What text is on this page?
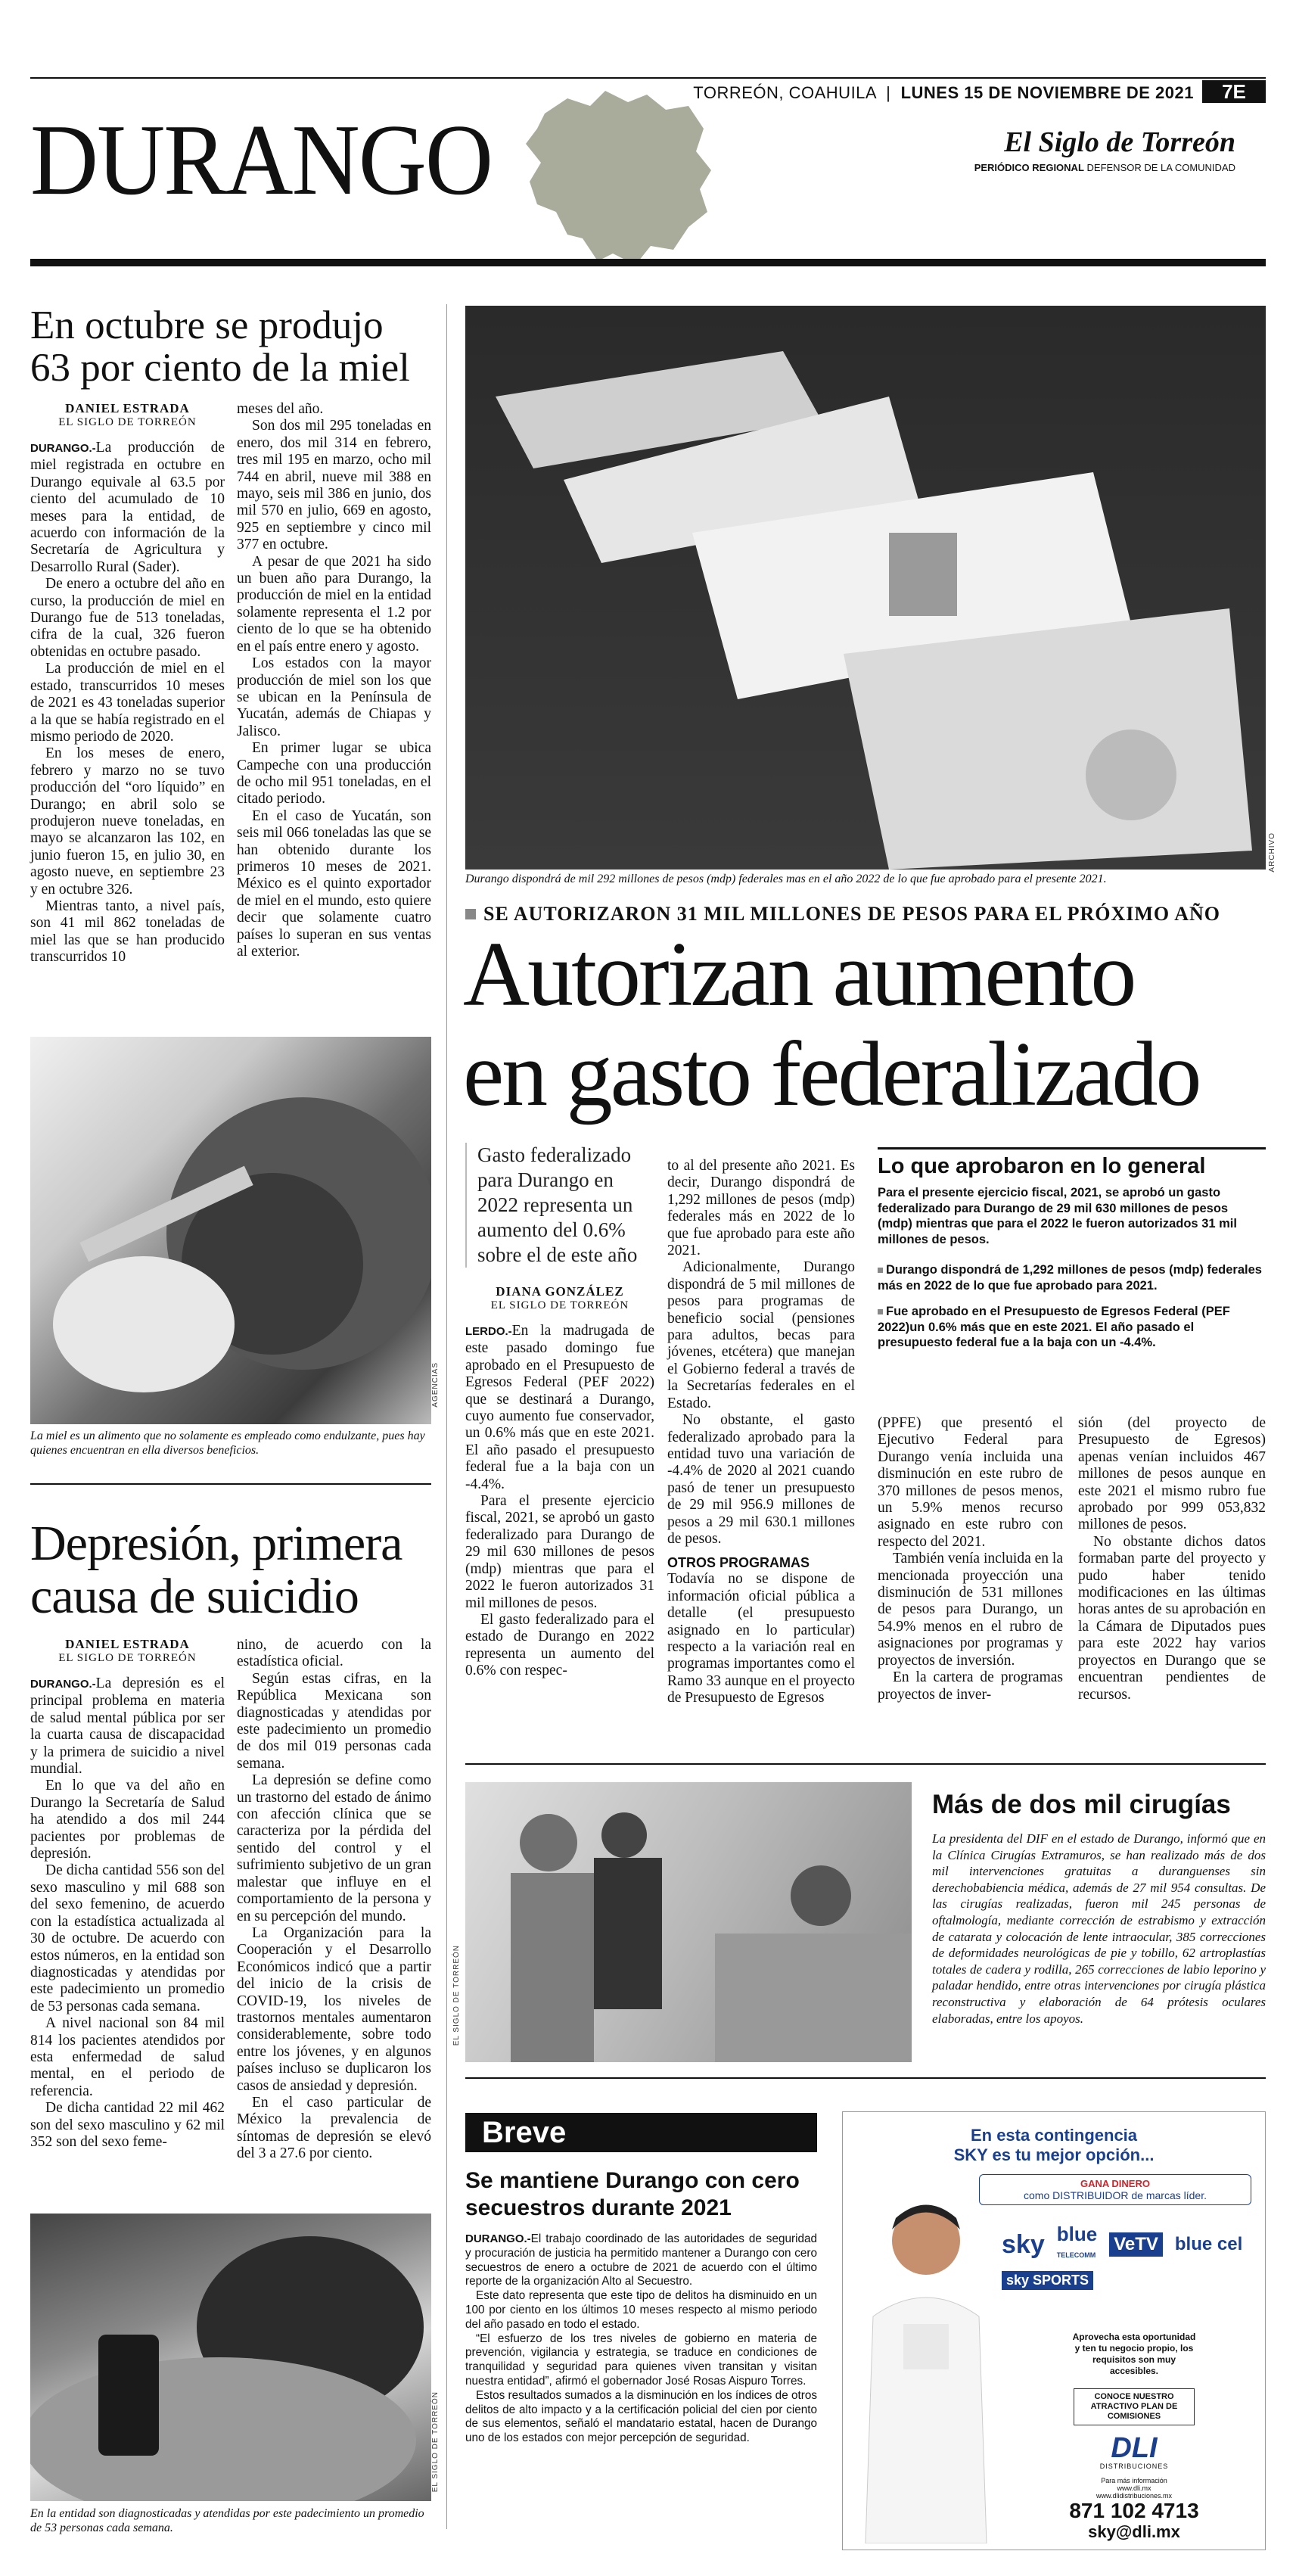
TORREÓN, COAHUILA  |  LUNES 15 DE NOVIEMBRE DE 2021	7E
DURANGO	El Siglo de Torreón
PERIÓDICO REGIONAL DEFENSOR DE LA COMUNIDAD
En octubre se produjo 63 por ciento de la miel
DANIEL ESTRADA
EL SIGLO DE TORREÓN

DURANGO.-La producción de miel registrada en octubre en Durango equivale al 63.5 por ciento del acumulado de 10 meses para la entidad, de acuerdo con información de la Secretaría de Agricultura y Desarrollo Rural (Sader).

De enero a octubre del año en curso, la producción de miel en Durango fue de 513 toneladas, cifra de la cual, 326 fueron obtenidas en octubre pasado.

La producción de miel en el estado, transcurridos 10 meses de 2021 es 43 toneladas superior a la que se había registrado en el mismo periodo de 2020.

En los meses de enero, febrero y marzo no se tuvo producción del “oro líquido” en Durango; en abril solo se produjeron nueve toneladas, en mayo se alcanzaron las 102, en junio fueron 15, en julio 30, en agosto nueve, en septiembre 23 y en octubre 326.

Mientras tanto, a nivel país, son 41 mil 862 toneladas de miel las que se han producido transcurridos 10

meses del año.

Son dos mil 295 toneladas en enero, dos mil 314 en febrero, tres mil 195 en marzo, ocho mil 744 en abril, nueve mil 388 en mayo, seis mil 386 en junio, dos mil 570 en julio, 669 en agosto, 925 en septiembre y cinco mil 377 en octubre.

A pesar de que 2021 ha sido un buen año para Durango, la producción de miel en la entidad solamente representa el 1.2 por ciento de lo que se ha obtenido en el país entre enero y agosto.

Los estados con la mayor producción de miel son los que se ubican en la Península de Yucatán, además de Chiapas y Jalisco.

En primer lugar se ubica Campeche con una producción de ocho mil 951 toneladas, en el citado periodo.

En el caso de Yucatán, son seis mil 066 toneladas las que se han obtenido durante los primeros 10 meses de 2021. México es el quinto exportador de miel en el mundo, esto quiere decir que solamente cuatro países lo superan en sus ventas al exterior.

AGENCIAS
La miel es un alimento que no solamente es empleado como endulzante, pues hay quienes encuentran en ella diversos beneficios.
Depresión, primera causa de suicidio
DANIEL ESTRADA
EL SIGLO DE TORREÓN

DURANGO.-La depresión es el principal problema en materia de salud mental pública por ser la cuarta causa de discapacidad y la primera de suicidio a nivel mundial.

En lo que va del año en Durango la Secretaría de Salud ha atendido a dos mil 244 pacientes por problemas de depresión.

De dicha cantidad 556 son del sexo masculino y mil 688 son del sexo femenino, de acuerdo con la estadística actualizada al 30 de octubre. De acuerdo con estos números, en la entidad son diagnosticadas y atendidas por este padecimiento un promedio de 53 personas cada semana.

A nivel nacional son 84 mil 814 los pacientes atendidos por esta enfermedad de salud mental, en el periodo de referencia.

De dicha cantidad 22 mil 462 son del sexo masculino y 62 mil 352 son del sexo feme-

nino, de acuerdo con la estadística oficial.

Según estas cifras, en la República Mexicana son diagnosticadas y atendidas por este padecimiento un promedio de dos mil 019 personas cada semana.

La depresión se define como un trastorno del estado de ánimo con afección clínica que se caracteriza por la pérdida del sentido del control y el sufrimiento subjetivo de un gran malestar que influye en el comportamiento de la persona y en su percepción del mundo.

La Organización para la Cooperación y el Desarrollo Económicos indicó que a partir del inicio de la crisis de COVID-19, los niveles de trastornos mentales aumentaron considerablemente, sobre todo entre los jóvenes, y en algunos países incluso se duplicaron los casos de ansiedad y depresión.

En el caso particular de México la prevalencia de síntomas de depresión se elevó del 3 a 27.6 por ciento.

EL SIGLO DE TORREÓN
En la entidad son diagnosticadas y atendidas por este padecimiento un promedio de 53 personas cada semana.
ARCHIVO
Durango dispondrá de mil 292 millones de pesos (mdp) federales mas en el año 2022 de lo que fue aprobado para el presente 2021.
SE AUTORIZARON 31 MIL MILLONES DE PESOS PARA EL PRÓXIMO AÑO
Autorizan aumento
en gasto federalizado
Gasto federalizado para Durango en 2022 representa un aumento del 0.6% sobre el de este año
DIANA GONZÁLEZ
EL SIGLO DE TORREÓN

LERDO.-En la madrugada de este pasado domingo fue aprobado en el Presupuesto de Egresos Federal (PEF 2022) que se destinará a Durango, cuyo aumento fue conservador, un 0.6% más que en este 2021. El año pasado el presupuesto federal fue a la baja con un -4.4%.

Para el presente ejercicio fiscal, 2021, se aprobó un gasto federalizado para Durango de 29 mil 630 millones de pesos (mdp) mientras que para el 2022 le fueron autorizados 31 mil millones de pesos.

El gasto federalizado para el estado de Durango en 2022 representa un aumento del 0.6% con respec-

to al del presente año 2021. Es decir, Durango dispondrá de 1,292 millones de pesos (mdp) federales más en 2022 de lo que fue aprobado para este año 2021.

Adicionalmente, Durango dispondrá de 5 mil millones de pesos para programas de beneficio social (pensiones para adultos, becas para jóvenes, etcétera) que manejan el Gobierno federal a través de la Secretarías federales en el Estado.

No obstante, el gasto federalizado aprobado para la entidad tuvo una variación de -4.4% de 2020 al 2021 cuando pasó de tener un presupuesto de 29 mil 956.9 millones de pesos a 29 mil 630.1 millones de pesos.

OTROS PROGRAMAS

Todavía no se dispone de información oficial pública a detalle (el presupuesto asignado en lo particular) respecto a la variación real en programas importantes como el Ramo 33 aunque en el proyecto de Presupuesto de Egresos

Lo que aprobaron en lo general
Para el presente ejercicio fiscal, 2021, se aprobó un gasto federalizado para Durango de 29 mil 630 millones de pesos (mdp) mientras que para el 2022 le fueron autorizados 31 mil millones de pesos.
Durango dispondrá de 1,292 millones de pesos (mdp) federales más en 2022 de lo que fue aprobado para 2021.
Fue aprobado en el Presupuesto de Egresos Federal (PEF 2022)un 0.6% más que en este 2021. El año pasado el presupuesto federal fue a la baja con un -4.4%.

(PPFE) que presentó el Ejecutivo Federal para Durango venía incluida una disminución en este rubro de 370 millones de pesos menos, un 5.9% menos recurso asignado en este rubro con respecto del 2021.

También venía incluida en la mencionada proyección una disminución de 531 millones de pesos para Durango, un 54.9% menos en el rubro de asignaciones por programas y proyectos de inversión.

En la cartera de programas proyectos de inver-

sión (del proyecto de Presupuesto de Egresos) apenas venían incluidos 467 millones de pesos aunque en este 2021 el mismo rubro fue aprobado por 999 053,832 millones de pesos.

No obstante dichos datos formaban parte del proyecto y pudo haber tenido modificaciones en las últimas horas antes de su aprobación en la Cámara de Diputados pues para este 2022 hay varios proyectos en Durango que se encuentran pendientes de recursos.

EL SIGLO DE TORREÓN
Más de dos mil cirugías
La presidenta del DIF en el estado de Durango, informó que en la Clínica Cirugías Extramuros, se han realizado más de dos mil intervenciones gratuitas a duranguenses sin derechobabiencia médica, además de 27 mil 954 consultas. De las cirugías realizadas, fueron mil 245 personas de oftalmología, mediante corrección de estrabismo y extracción de catarata y colocación de lente intraocular, 385 correcciones de deformidades neurológicas de pie y tobillo, 62 artroplastías totales de cadera y rodilla, 265 correcciones de labio leporino y paladar hendido, entre otras intervenciones por cirugía plástica reconstructiva y elaboración de 64 prótesis oculares elaboradas, entre los apoyos.
Breve
Se mantiene Durango con cero secuestros durante 2021

DURANGO.-El trabajo coordinado de las autoridades de seguridad y procuración de justicia ha permitido mantener a Durango con cero secuestros de enero a octubre de 2021 de acuerdo con el último reporte de la organización Alto al Secuestro.

Este dato representa que este tipo de delitos ha disminuido en un 100 por ciento en los últimos 10 meses respecto al mismo periodo del año pasado en todo el estado.

“El esfuerzo de los tres niveles de gobierno en materia de prevención, vigilancia y estrategia, se traduce en condiciones de tranquilidad y seguridad para quienes viven transitan y visitan nuestra entidad”, afirmó el gobernador José Rosas Aispuro Torres.

Estos resultados sumados a la disminución en los índices de otros delitos de alto impacto y a la certificación policial del cien por ciento de sus elementos, señaló el mandatario estatal, hacen de Durango uno de los estados con mejor percepción de seguridad.

En esta contingencia
SKY es tu mejor opción...
GANA DINERO
como DISTRIBUIDOR de marcas líder.
sky blue
TELECOMM
VeTV blue cel
sky SPORTS
Aprovecha esta oportunidad y ten tu negocio propio, los requisitos son muy accesibles.
CONOCE NUESTRO ATRACTIVO PLAN DE COMISIONES
DLI
DISTRIBUCIONES
Para más información
www.dli.mx
www.dlidistribuciones.mx
871 102 4713
sky@dli.mx
